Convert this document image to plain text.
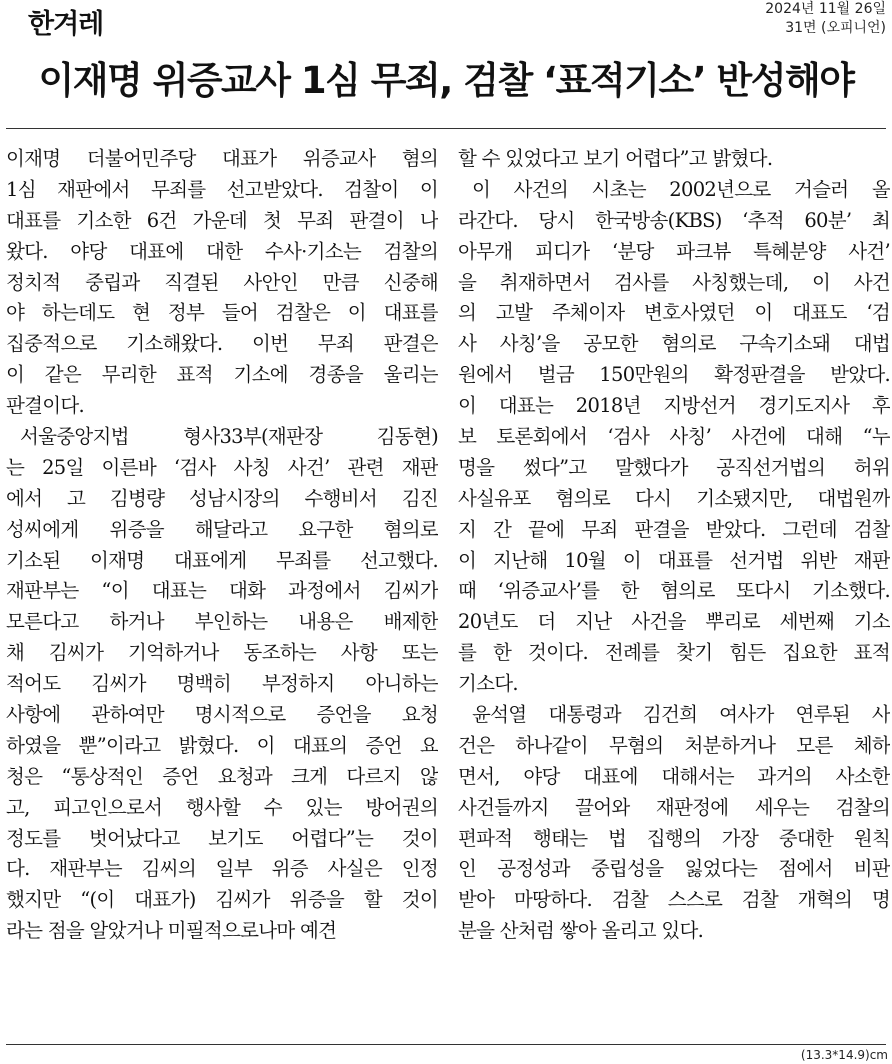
한겨레	2024년 11월 26일
31면 (오피니언)
이재명 위증교사 1심 무죄, 검찰 ‘표적기소’ 반성해야
이재명 더불어민주당 대표가 위증교사 혐의
1심 재판에서 무죄를 선고받았다. 검찰이 이
대표를 기소한 6건 가운데 첫 무죄 판결이 나
왔다. 야당 대표에 대한 수사·기소는 검찰의
정치적 중립과 직결된 사안인 만큼 신중해
야 하는데도 현 정부 들어 검찰은 이 대표를
집중적으로 기소해왔다. 이번 무죄 판결은
이 같은 무리한 표적 기소에 경종을 울리는
판결이다.
서울중앙지법 형사33부(재판장 김동현)
는 25일 이른바 ‘검사 사칭 사건’ 관련 재판
에서 고 김병량 성남시장의 수행비서 김진
성씨에게 위증을 해달라고 요구한 혐의로
기소된 이재명 대표에게 무죄를 선고했다.
재판부는 “이 대표는 대화 과정에서 김씨가
모른다고 하거나 부인하는 내용은 배제한
채 김씨가 기억하거나 동조하는 사항 또는
적어도 김씨가 명백히 부정하지 아니하는
사항에 관하여만 명시적으로 증언을 요청
하였을 뿐”이라고 밝혔다. 이 대표의 증언 요
청은 “통상적인 증언 요청과 크게 다르지 않
고, 피고인으로서 행사할 수 있는 방어권의
정도를 벗어났다고 보기도 어렵다”는 것이
다. 재판부는 김씨의 일부 위증 사실은 인정
했지만 “(이 대표가) 김씨가 위증을 할 것이
라는 점을 알았거나 미필적으로나마 예견
할 수 있었다고 보기 어렵다”고 밝혔다.
이 사건의 시초는 2002년으로 거슬러 올
라간다. 당시 한국방송(KBS) ‘추적 60분’ 최
아무개 피디가 ‘분당 파크뷰 특혜분양 사건’
을 취재하면서 검사를 사칭했는데, 이 사건
의 고발 주체이자 변호사였던 이 대표도 ‘검
사 사칭’을 공모한 혐의로 구속기소돼 대법
원에서 벌금 150만원의 확정판결을 받았다.
이 대표는 2018년 지방선거 경기도지사 후
보 토론회에서 ‘검사 사칭’ 사건에 대해 “누
명을 썼다”고 말했다가 공직선거법의 허위
사실유포 혐의로 다시 기소됐지만, 대법원까
지 간 끝에 무죄 판결을 받았다. 그런데 검찰
이 지난해 10월 이 대표를 선거법 위반 재판
때 ‘위증교사’를 한 혐의로 또다시 기소했다.
20년도 더 지난 사건을 뿌리로 세번째 기소
를 한 것이다. 전례를 찾기 힘든 집요한 표적
기소다.
윤석열 대통령과 김건희 여사가 연루된 사
건은 하나같이 무혐의 처분하거나 모른 체하
면서, 야당 대표에 대해서는 과거의 사소한
사건들까지 끌어와 재판정에 세우는 검찰의
편파적 행태는 법 집행의 가장 중대한 원칙
인 공정성과 중립성을 잃었다는 점에서 비판
받아 마땅하다. 검찰 스스로 검찰 개혁의 명
분을 산처럼 쌓아 올리고 있다.
(13.3*14.9)cm
